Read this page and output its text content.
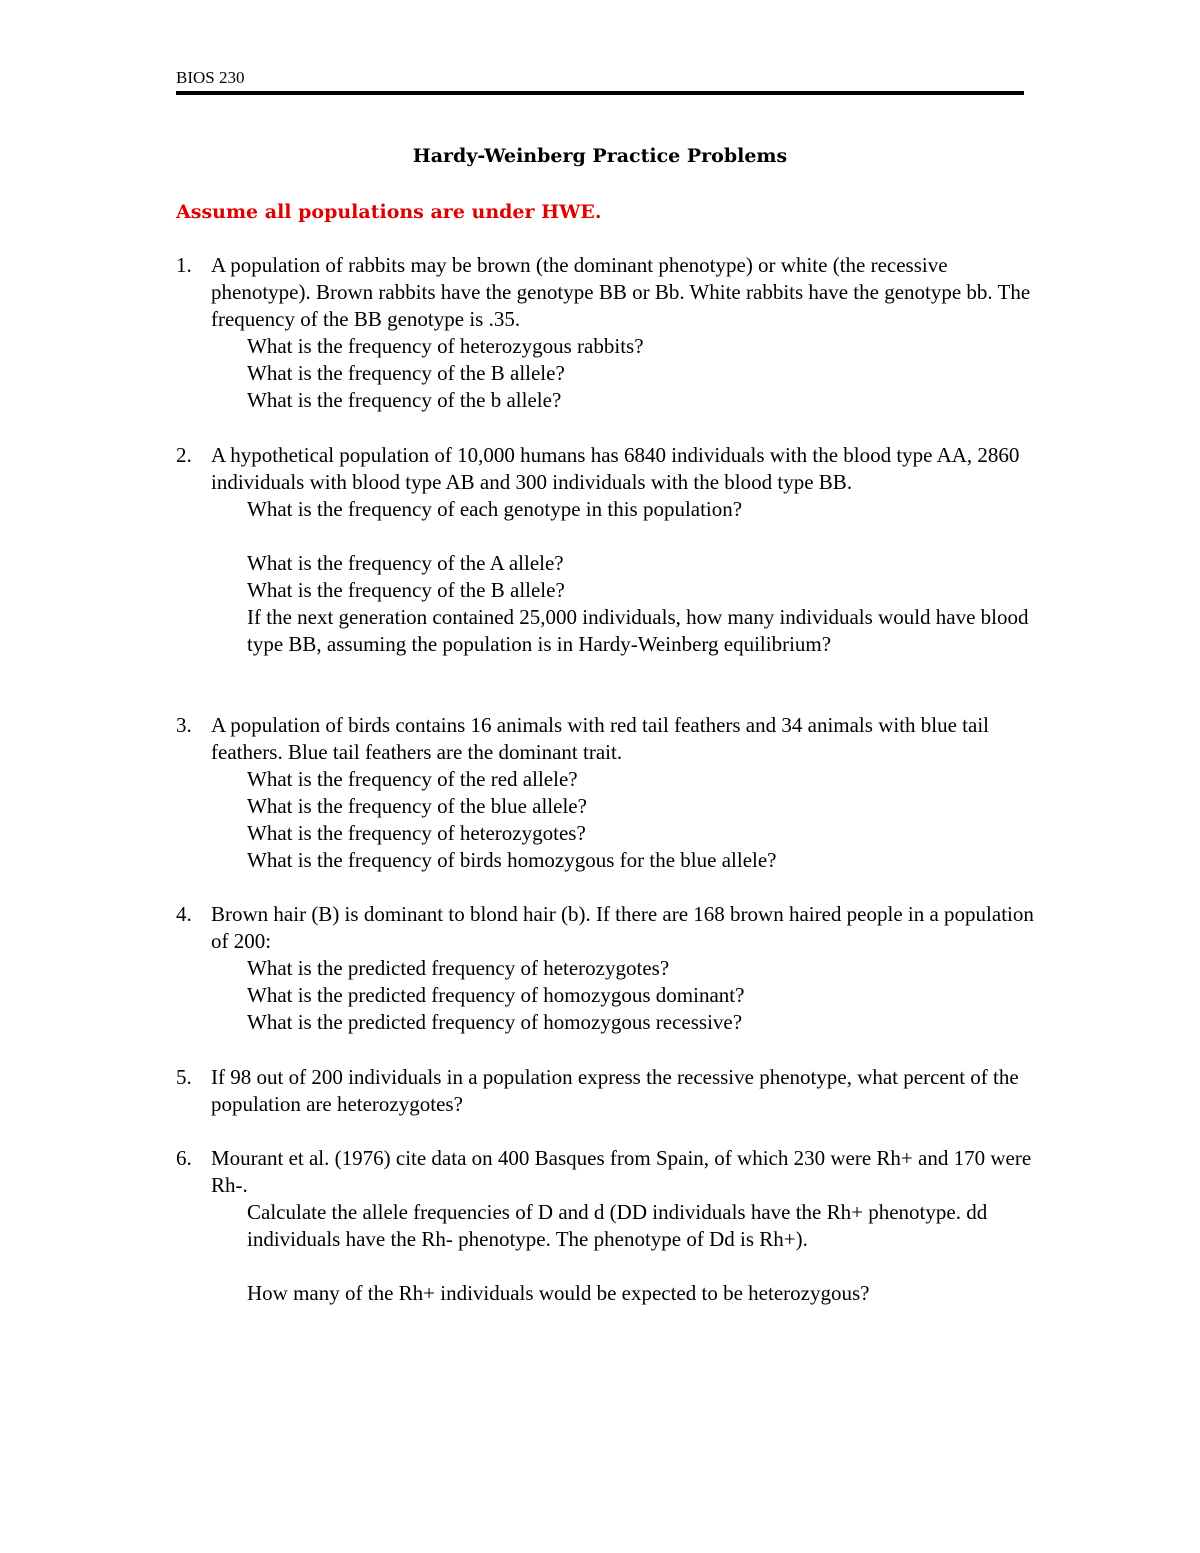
BIOS 230
Hardy-Weinberg Practice Problems
Assume all populations are under HWE.
1. A population of rabbits may be brown (the dominant phenotype) or white (the recessive phenotype). Brown rabbits have the genotype BB or Bb. White rabbits have the genotype bb. The frequency of the BB genotype is .35.
What is the frequency of heterozygous rabbits?
What is the frequency of the B allele?
What is the frequency of the b allele?
2. A hypothetical population of 10,000 humans has 6840 individuals with the blood type AA, 2860 individuals with blood type AB and 300 individuals with the blood type BB.
What is the frequency of each genotype in this population?
What is the frequency of the A allele?
What is the frequency of the B allele?
If the next generation contained 25,000 individuals, how many individuals would have blood type BB, assuming the population is in Hardy-Weinberg equilibrium?
3. A population of birds contains 16 animals with red tail feathers and 34 animals with blue tail feathers. Blue tail feathers are the dominant trait.
What is the frequency of the red allele?
What is the frequency of the blue allele?
What is the frequency of heterozygotes?
What is the frequency of birds homozygous for the blue allele?
4. Brown hair (B) is dominant to blond hair (b). If there are 168 brown haired people in a population of 200:
What is the predicted frequency of heterozygotes?
What is the predicted frequency of homozygous dominant?
What is the predicted frequency of homozygous recessive?
5. If 98 out of 200 individuals in a population express the recessive phenotype, what percent of the population are heterozygotes?
6. Mourant et al. (1976) cite data on 400 Basques from Spain, of which 230 were Rh+ and 170 were Rh-.
Calculate the allele frequencies of D and d (DD individuals have the Rh+ phenotype. dd individuals have the Rh- phenotype. The phenotype of Dd is Rh+).
How many of the Rh+ individuals would be expected to be heterozygous?
